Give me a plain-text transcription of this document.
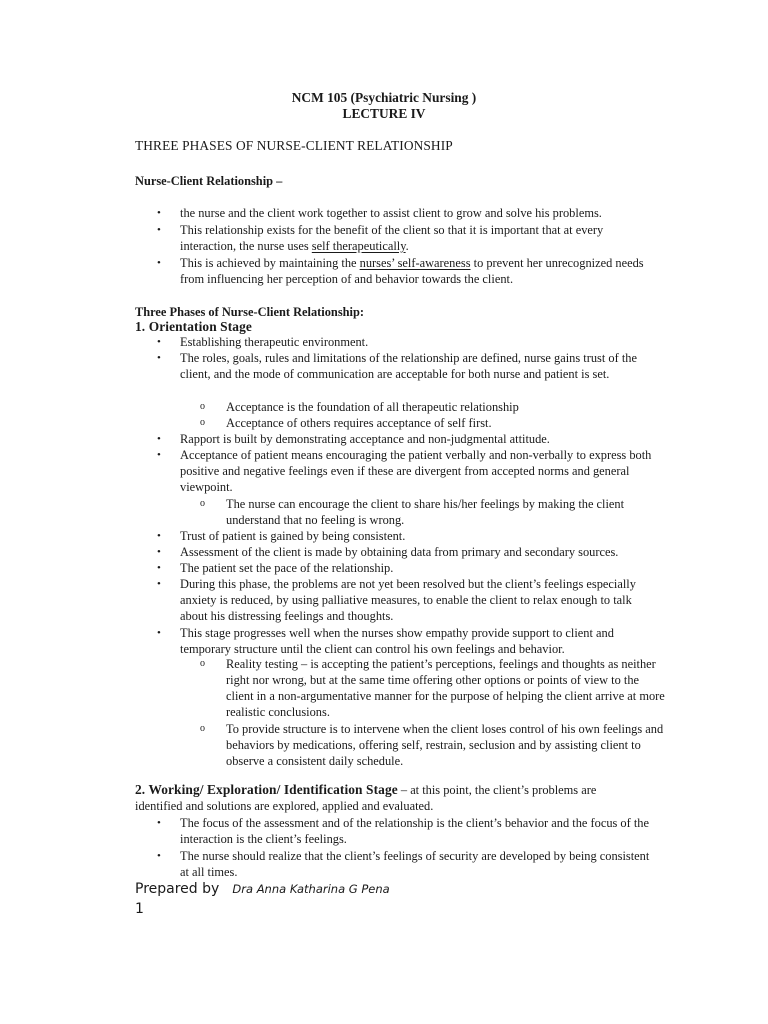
NCM 105 (Psychiatric Nursing )
LECTURE IV
THREE PHASES OF NURSE-CLIENT RELATIONSHIP
Nurse-Client Relationship –
• the nurse and the client work together to assist client to grow and solve his problems.
• This relationship exists for the benefit of the client so that it is important that at every interaction, the nurse uses self therapeutically.
• This is achieved by maintaining the nurses’ self-awareness to prevent her unrecognized needs from influencing her perception of and behavior towards the client.
Three Phases of Nurse-Client Relationship:
1. Orientation Stage
• Establishing therapeutic environment.
• The roles, goals, rules and limitations of the relationship are defined, nurse gains trust of the client, and the mode of communication are acceptable for both nurse and patient is set.
o Acceptance is the foundation of all therapeutic relationship
o Acceptance of others requires acceptance of self first.
• Rapport is built by demonstrating acceptance and non-judgmental attitude.
• Acceptance of patient means encouraging the patient verbally and non-verbally to express both positive and negative feelings even if these are divergent from accepted norms and general viewpoint.
o The nurse can encourage the client to share his/her feelings by making the client understand that no feeling is wrong.
• Trust of patient is gained by being consistent.
• Assessment of the client is made by obtaining data from primary and secondary sources.
• The patient set the pace of the relationship.
• During this phase, the problems are not yet been resolved but the client’s feelings especially anxiety is reduced, by using palliative measures, to enable the client to relax enough to talk about his distressing feelings and thoughts.
• This stage progresses well when the nurses show empathy provide support to client and temporary structure until the client can control his own feelings and behavior.
o Reality testing – is accepting the patient’s perceptions, feelings and thoughts as neither right nor wrong, but at the same time offering other options or points of view to the client in a non-argumentative manner for the purpose of helping the client arrive at more realistic conclusions.
o To provide structure is to intervene when the client loses control of his own feelings and behaviors by medications, offering self, restrain, seclusion and by assisting client to observe a consistent daily schedule.
2. Working/ Exploration/ Identification Stage – at this point, the client’s problems are identified and solutions are explored, applied and evaluated.
• The focus of the assessment and of the relationship is the client’s behavior and the focus of the interaction is the client’s feelings.
• The nurse should realize that the client’s feelings of security are developed by being consistent at all times.
Prepared by Dra Anna Katharina G Pena
1
